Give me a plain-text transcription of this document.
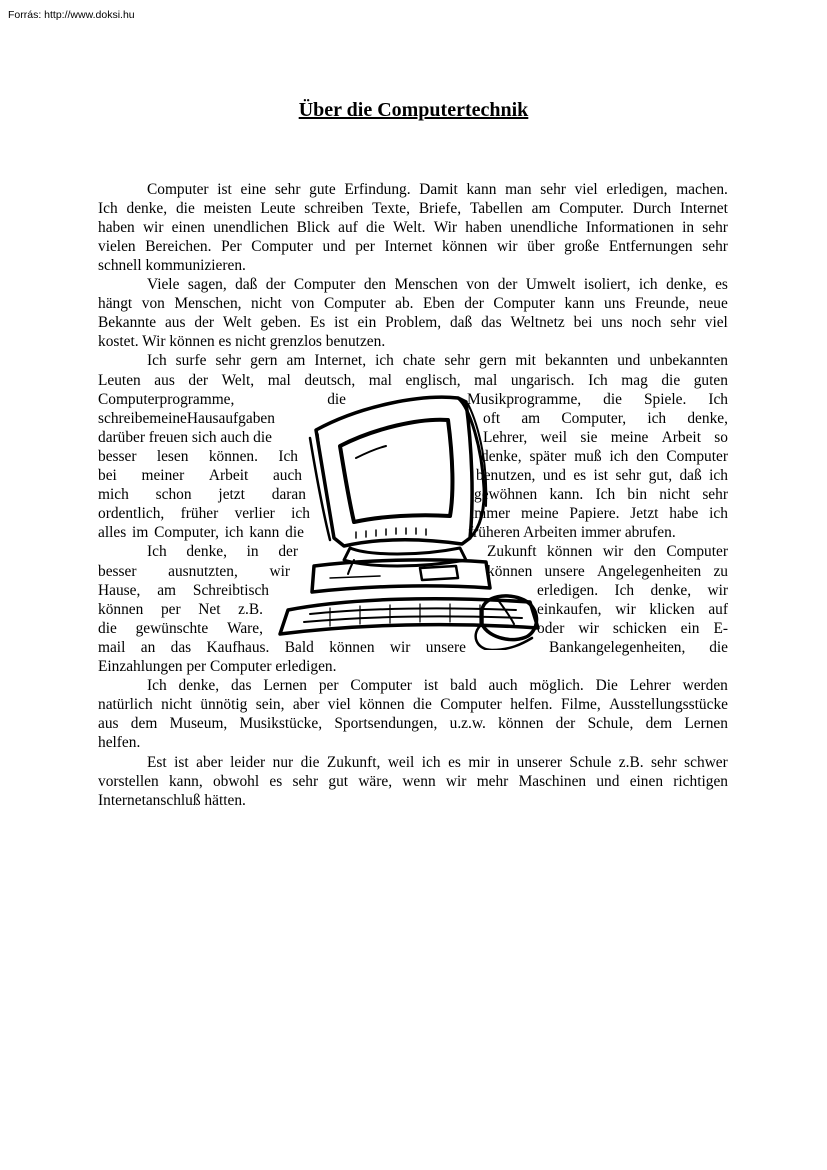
Forrás: http://www.doksi.hu
Über die Computertechnik
Computer ist eine sehr gute Erfindung. Damit kann man sehr viel erledigen, machen.
Ich denke, die meisten Leute schreiben Texte, Briefe, Tabellen am Computer. Durch Internet
haben wir einen unendlichen Blick auf die Welt. Wir haben unendliche Informationen in sehr
vielen Bereichen. Per Computer und per Internet können wir über große Entfernungen sehr
schnell kommunizieren.
Viele sagen, daß der Computer den Menschen von der Umwelt isoliert, ich denke, es
hängt von Menschen, nicht von Computer ab. Eben der Computer kann uns Freunde, neue
Bekannte aus der Welt geben. Es ist ein Problem, daß das Weltnetz bei uns noch sehr viel
kostet. Wir können es nicht grenzlos benutzen.
Ich surfe sehr gern am Internet, ich chate sehr gern mit bekannten und unbekannten
Leuten aus der Welt, mal deutsch, mal englisch, mal ungarisch. Ich mag die guten
Computerprogramme,	die	Musikprogramme, die Spiele. Ich
schreibe meine Hausaufgaben	oft am Computer, ich denke,
darüber freuen sich auch die	Lehrer, weil sie meine Arbeit so
besser lesen können. Ich	denke, später muß ich den Computer
bei meiner Arbeit auch	benutzen, und es ist sehr gut, daß ich
mich schon jetzt daran	gewöhnen kann. Ich bin nicht sehr
ordentlich, früher verlier ich	immer meine Papiere. Jetzt habe ich
alles im Computer, ich kann die	früheren Arbeiten immer abrufen.
Ich denke, in der	Zukunft können wir den Computer
besser ausnutzten, wir	können unsere Angelegenheiten zu
Hause, am Schreibtisch	erledigen. Ich denke, wir
können per Net z.B.	einkaufen, wir klicken auf
die gewünschte Ware,	oder wir schicken ein E-
mail an das Kaufhaus. Bald können wir unsere	Bankangelegenheiten, die
Einzahlungen per Computer erledigen.
Ich denke, das Lernen per Computer ist bald auch möglich. Die Lehrer werden
natürlich nicht ünnötig sein, aber viel können die Computer helfen. Filme, Ausstellungsstücke
aus dem Museum, Musikstücke, Sportsendungen, u.z.w. können der Schule, dem Lernen
helfen.
Est ist aber leider nur die Zukunft, weil ich es mir in unserer Schule z.B. sehr schwer
vorstellen kann, obwohl es sehr gut wäre, wenn wir mehr Maschinen und einen richtigen
Internetanschluß hätten.
